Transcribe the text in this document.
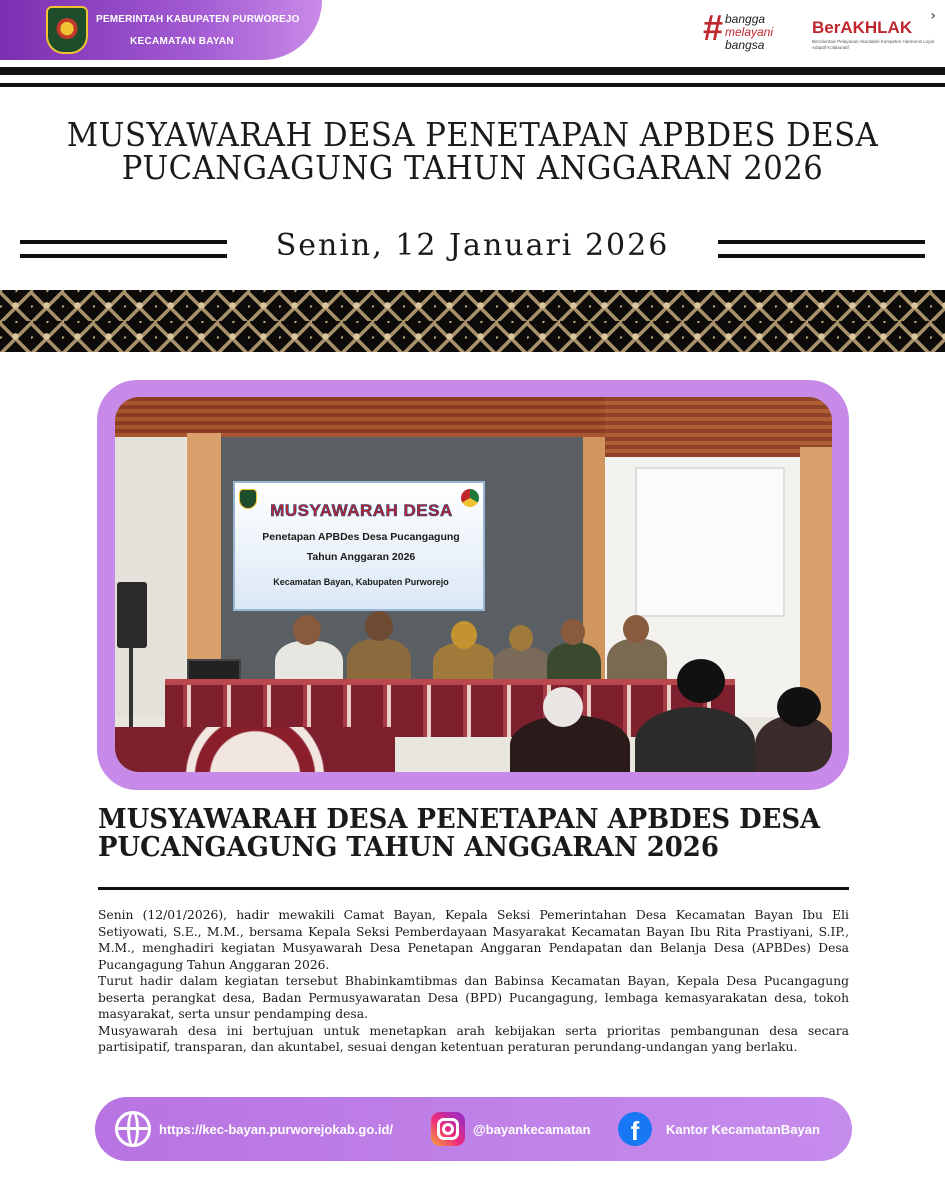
PEMERINTAH KABUPATEN PURWOREJO
KECAMATAN BAYAN	# bangga
melayani
bangsa
›
BerAKHLAK
Berorientasi Pelayanan Akuntabel Kompeten Harmonis Loyal Adaptif Kolaboratif
MUSYAWARAH DESA PENETAPAN APBDES DESA
PUCANGAGUNG TAHUN ANGGARAN 2026
Senin, 12 Januari 2026
MUSYAWARAH DESA
Penetapan APBDes Desa Pucangagung
Tahun Anggaran 2026
Kecamatan Bayan, Kabupaten Purworejo
MUSYAWARAH DESA PENETAPAN APBDES DESA
PUCANGAGUNG TAHUN ANGGARAN 2026

Senin (12/01/2026), hadir mewakili Camat Bayan, Kepala Seksi Pemerintahan Desa Kecamatan Bayan Ibu Eli Setiyowati, S.E., M.M., bersama Kepala Seksi Pemberdayaan Masyarakat Kecamatan Bayan Ibu Rita Prastiyani, S.IP., M.M., menghadiri kegiatan Musyawarah Desa Penetapan Anggaran Pendapatan dan Belanja Desa (APBDes) Desa Pucangagung Tahun Anggaran 2026.

Turut hadir dalam kegiatan tersebut Bhabinkamtibmas dan Babinsa Kecamatan Bayan, Kepala Desa Pucangagung beserta perangkat desa, Badan Permusyawaratan Desa (BPD) Pucangagung, lembaga kemasyarakatan desa, tokoh masyarakat, serta unsur pendamping desa.

Musyawarah desa ini bertujuan untuk menetapkan arah kebijakan serta prioritas pembangunan desa secara partisipatif, transparan, dan akuntabel, sesuai dengan ketentuan peraturan perundang-undangan yang berlaku.

https://kec-bayan.purworejokab.go.id/	@bayankecamatan	f	Kantor KecamatanBayan
